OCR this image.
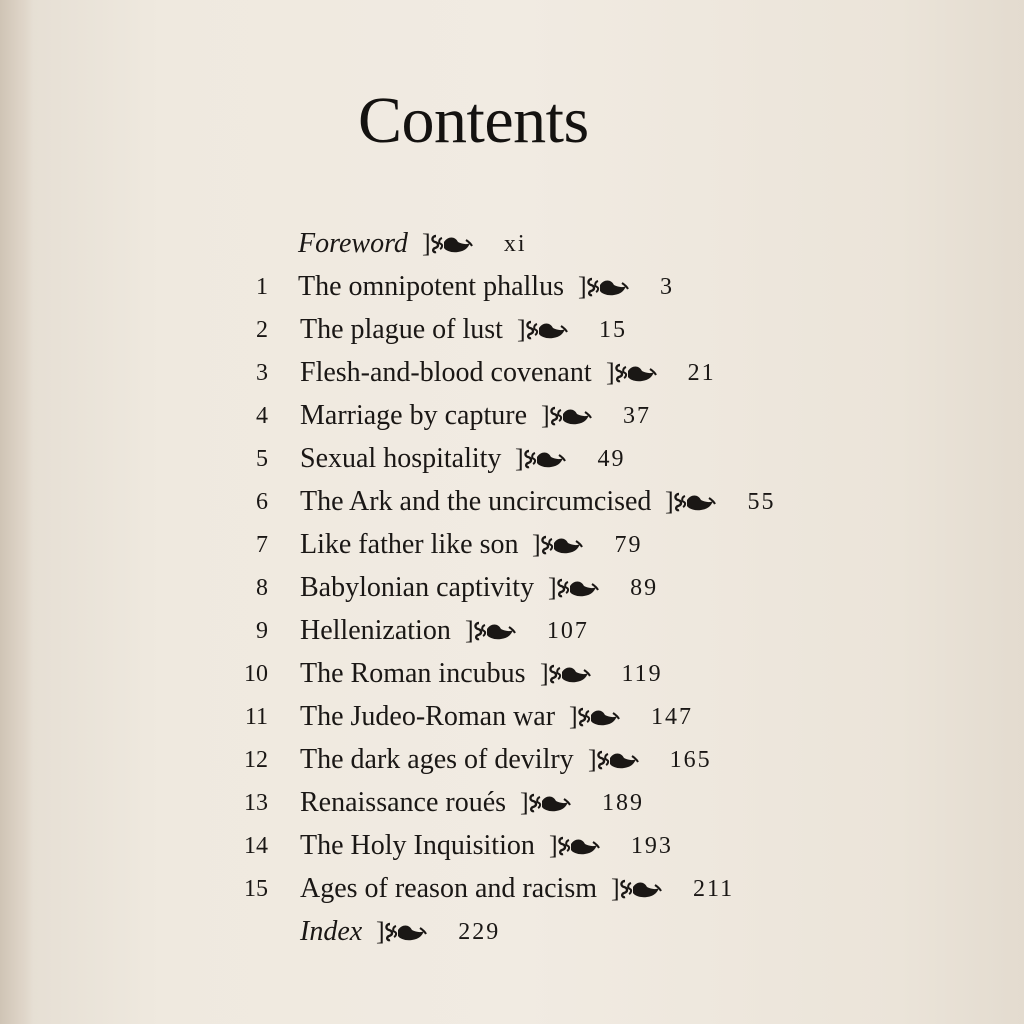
Contents
Foreword ]	xi
1 The omnipotent phallus ]	3
2 The plague of lust ]	15
3 Flesh-and-blood covenant ]	21
4 Marriage by capture ]	37
5 Sexual hospitality ]	49
6 The Ark and the uncircumcised ]	55
7 Like father like son ]	79
8 Babylonian captivity ]	89
9 Hellenization ]	107
10 The Roman incubus ]	119
11 The Judeo-Roman war ]	147
12 The dark ages of devilry ]	165
13 Renaissance roués ]	189
14 The Holy Inquisition ]	193
15 Ages of reason and racism ]	211
Index ]	229
